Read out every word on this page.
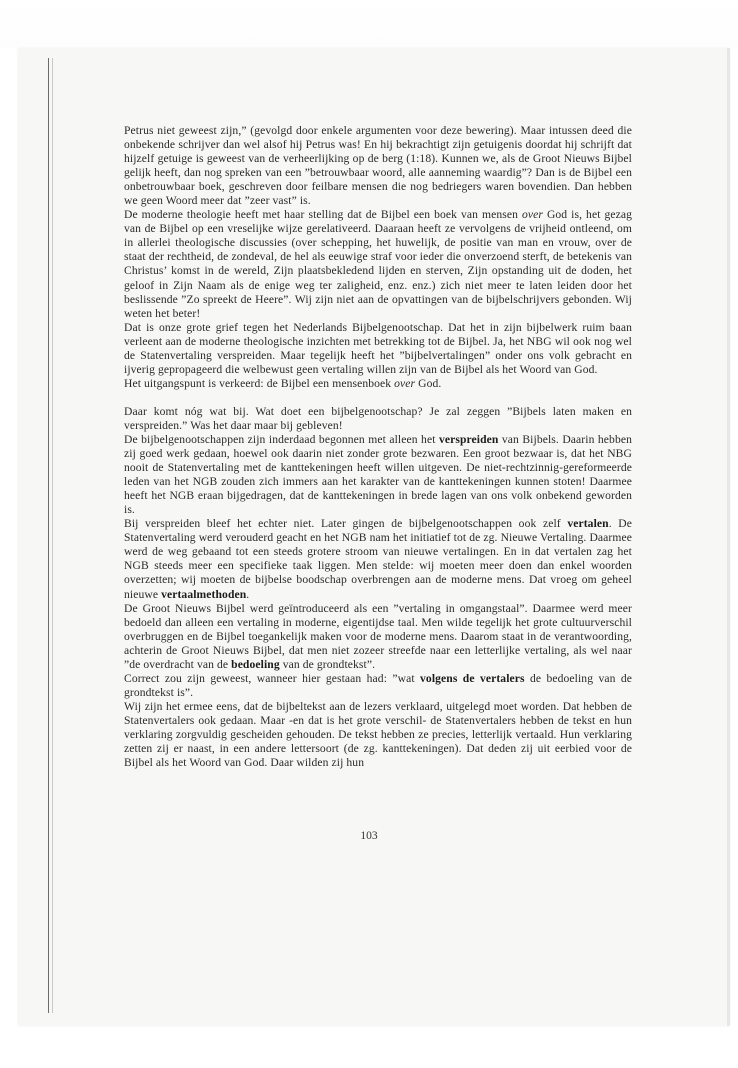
Petrus niet geweest zijn,” (gevolgd door enkele argumenten voor deze bewering). Maar intussen deed die onbekende schrijver dan wel alsof hij Petrus was! En hij bekrachtigt zijn getuigenis doordat hij schrijft dat hijzelf getuige is geweest van de verheerlijking op de berg (1:18). Kunnen we, als de Groot Nieuws Bijbel gelijk heeft, dan nog spreken van een ”betrouwbaar woord, alle aanneming waardig”? Dan is de Bijbel een onbetrouwbaar boek, geschreven door feilbare mensen die nog bedriegers waren bovendien. Dan hebben we geen Woord meer dat ”zeer vast” is.

De moderne theologie heeft met haar stelling dat de Bijbel een boek van mensen over God is, het gezag van de Bijbel op een vreselijke wijze gerelativeerd. Daaraan heeft ze vervolgens de vrijheid ontleend, om in allerlei theologische discussies (over schepping, het huwelijk, de positie van man en vrouw, over de staat der rechtheid, de zondeval, de hel als eeuwige straf voor ieder die onverzoend sterft, de betekenis van Christus’ komst in de wereld, Zijn plaatsbekledend lijden en sterven, Zijn opstanding uit de doden, het geloof in Zijn Naam als de enige weg ter zaligheid, enz. enz.) zich niet meer te laten leiden door het beslissende ”Zo spreekt de Heere”. Wij zijn niet aan de opvattingen van de bijbelschrijvers gebonden. Wij weten het beter!

Dat is onze grote grief tegen het Nederlands Bijbelgenootschap. Dat het in zijn bijbelwerk ruim baan verleent aan de moderne theologische inzichten met betrekking tot de Bijbel. Ja, het NBG wil ook nog wel de Statenvertaling verspreiden. Maar tegelijk heeft het ”bijbelvertalingen” onder ons volk gebracht en ijverig gepropageerd die welbewust geen vertaling willen zijn van de Bijbel als het Woord van God.

Het uitgangspunt is verkeerd: de Bijbel een mensenboek over God.

Daar komt nóg wat bij. Wat doet een bijbelgenootschap? Je zal zeggen ”Bijbels laten maken en verspreiden.” Was het daar maar bij gebleven!

De bijbelgenootschappen zijn inderdaad begonnen met alleen het verspreiden van Bijbels. Daarin hebben zij goed werk gedaan, hoewel ook daarin niet zonder grote bezwaren. Een groot bezwaar is, dat het NBG nooit de Statenvertaling met de kanttekeningen heeft willen uitgeven. De niet-rechtzinnig-gereformeerde leden van het NGB zouden zich immers aan het karakter van de kanttekeningen kunnen stoten! Daarmee heeft het NGB eraan bijgedragen, dat de kanttekeningen in brede lagen van ons volk onbekend geworden is.

Bij verspreiden bleef het echter niet. Later gingen de bijbelgenootschappen ook zelf vertalen. De Statenvertaling werd verouderd geacht en het NGB nam het initiatief tot de zg. Nieuwe Vertaling. Daarmee werd de weg gebaand tot een steeds grotere stroom van nieuwe vertalingen. En in dat vertalen zag het NGB steeds meer een specifieke taak liggen. Men stelde: wij moeten meer doen dan enkel woorden overzetten; wij moeten de bijbelse boodschap overbrengen aan de moderne mens. Dat vroeg om geheel nieuwe vertaalmethoden.

De Groot Nieuws Bijbel werd geïntroduceerd als een ”vertaling in omgangstaal”. Daarmee werd meer bedoeld dan alleen een vertaling in moderne, eigentijdse taal. Men wilde tegelijk het grote cultuurverschil overbruggen en de Bijbel toegankelijk maken voor de moderne mens. Daarom staat in de verantwoording, achterin de Groot Nieuws Bijbel, dat men niet zozeer streefde naar een letterlijke vertaling, als wel naar ”de overdracht van de bedoeling van de grondtekst”.

Correct zou zijn geweest, wanneer hier gestaan had: ”wat volgens de vertalers de bedoeling van de grondtekst is”.

Wij zijn het ermee eens, dat de bijbeltekst aan de lezers verklaard, uitgelegd moet worden. Dat hebben de Statenvertalers ook gedaan. Maar -en dat is het grote verschil- de Statenvertalers hebben de tekst en hun verklaring zorgvuldig gescheiden gehouden. De tekst hebben ze precies, letterlijk vertaald. Hun verklaring zetten zij er naast, in een andere lettersoort (de zg. kanttekeningen). Dat deden zij uit eerbied voor de Bijbel als het Woord van God. Daar wilden zij hun

103
